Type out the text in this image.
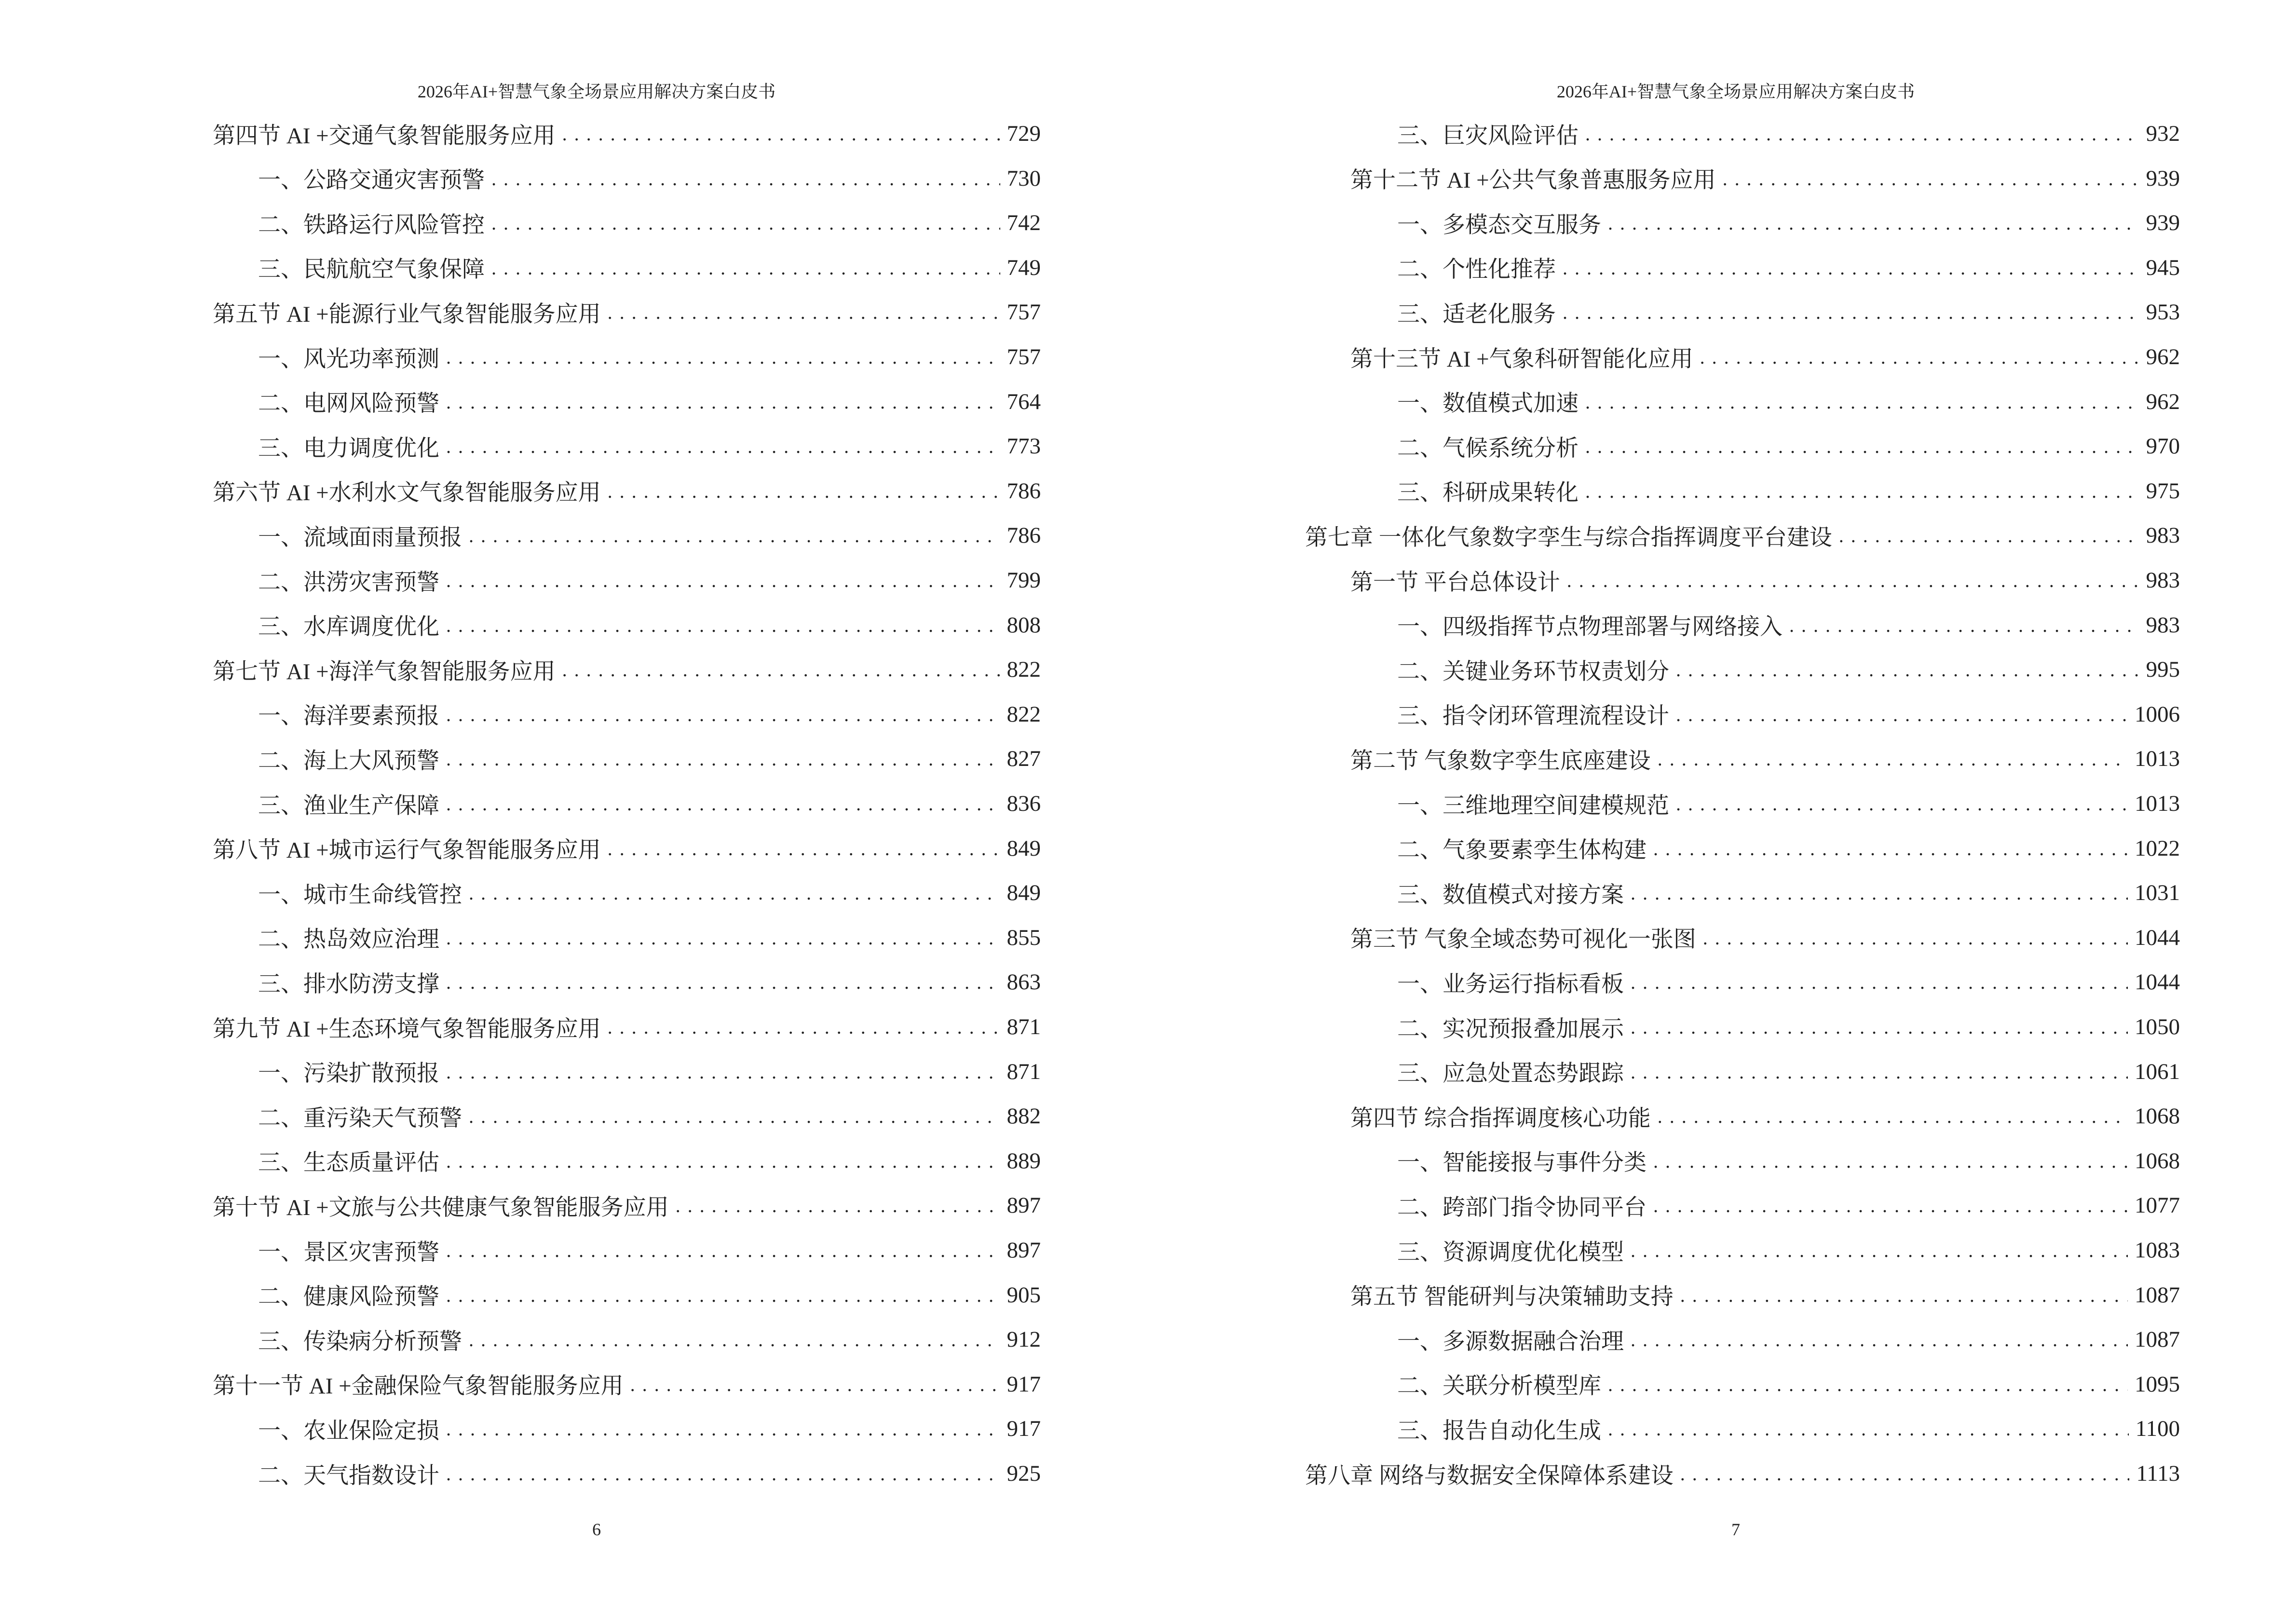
2026年AI+智慧气象全场景应用解决方案白皮书
第四节 AI +交通气象智能服务应用 .....	729
一、公路交通灾害预警 .....	730
二、铁路运行风险管控 .....	742
三、民航航空气象保障 .....	749
第五节 AI +能源行业气象智能服务应用 .....	757
一、风光功率预测 .....	757
二、电网风险预警 .....	764
三、电力调度优化 .....	773
第六节 AI +水利水文气象智能服务应用 .....	786
一、流域面雨量预报 .....	786
二、洪涝灾害预警 .....	799
三、水库调度优化 .....	808
第七节 AI +海洋气象智能服务应用 .....	822
一、海洋要素预报 .....	822
二、海上大风预警 .....	827
三、渔业生产保障 .....	836
第八节 AI +城市运行气象智能服务应用 .....	849
一、城市生命线管控 .....	849
二、热岛效应治理 .....	855
三、排水防涝支撑 .....	863
第九节 AI +生态环境气象智能服务应用 .....	871
一、污染扩散预报 .....	871
二、重污染天气预警 .....	882
三、生态质量评估 .....	889
第十节 AI +文旅与公共健康气象智能服务应用 .....	897
一、景区灾害预警 .....	897
二、健康风险预警 .....	905
三、传染病分析预警 .....	912
第十一节 AI +金融保险气象智能服务应用 .....	917
一、农业保险定损 .....	917
二、天气指数设计 .....	925
6
2026年AI+智慧气象全场景应用解决方案白皮书
三、巨灾风险评估 .....	932
第十二节 AI +公共气象普惠服务应用 .....	939
一、多模态交互服务 .....	939
二、个性化推荐 .....	945
三、适老化服务 .....	953
第十三节 AI +气象科研智能化应用 .....	962
一、数值模式加速 .....	962
二、气候系统分析 .....	970
三、科研成果转化 .....	975
第七章 一体化气象数字孪生与综合指挥调度平台建设 .....	983
第一节 平台总体设计 .....	983
一、四级指挥节点物理部署与网络接入 .....	983
二、关键业务环节权责划分 .....	995
三、指令闭环管理流程设计 .....	1006
第二节 气象数字孪生底座建设 .....	1013
一、三维地理空间建模规范 .....	1013
二、气象要素孪生体构建 .....	1022
三、数值模式对接方案 .....	1031
第三节 气象全域态势可视化一张图 .....	1044
一、业务运行指标看板 .....	1044
二、实况预报叠加展示 .....	1050
三、应急处置态势跟踪 .....	1061
第四节 综合指挥调度核心功能 .....	1068
一、智能接报与事件分类 .....	1068
二、跨部门指令协同平台 .....	1077
三、资源调度优化模型 .....	1083
第五节 智能研判与决策辅助支持 .....	1087
一、多源数据融合治理 .....	1087
二、关联分析模型库 .....	1095
三、报告自动化生成 .....	1100
第八章 网络与数据安全保障体系建设 .....	1113
7
